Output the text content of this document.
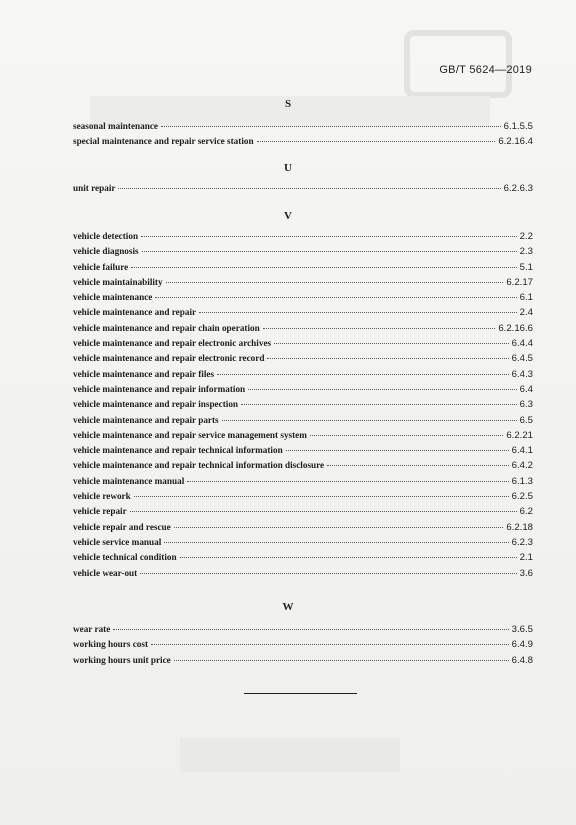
GB/T 5624—2019
S
seasonal maintenance	6.1.5.5
special maintenance and repair service station	6.2.16.4
U
unit repair	6.2.6.3
V
vehicle detection	2.2
vehicle diagnosis	2.3
vehicle failure	5.1
vehicle maintainability	6.2.17
vehicle maintenance	6.1
vehicle maintenance and repair	2.4
vehicle maintenance and repair chain operation	6.2.16.6
vehicle maintenance and repair electronic archives	6.4.4
vehicle maintenance and repair electronic record	6.4.5
vehicle maintenance and repair files	6.4.3
vehicle maintenance and repair information	6.4
vehicle maintenance and repair inspection	6.3
vehicle maintenance and repair parts	6.5
vehicle maintenance and repair service management system	6.2.21
vehicle maintenance and repair technical information	6.4.1
vehicle maintenance and repair technical information disclosure	6.4.2
vehicle maintenance manual	6.1.3
vehicle rework	6.2.5
vehicle repair	6.2
vehicle repair and rescue	6.2.18
vehicle service manual	6.2.3
vehicle technical condition	2.1
vehicle wear-out	3.6
W
wear rate	3.6.5
working hours cost	6.4.9
working hours unit price	6.4.8
